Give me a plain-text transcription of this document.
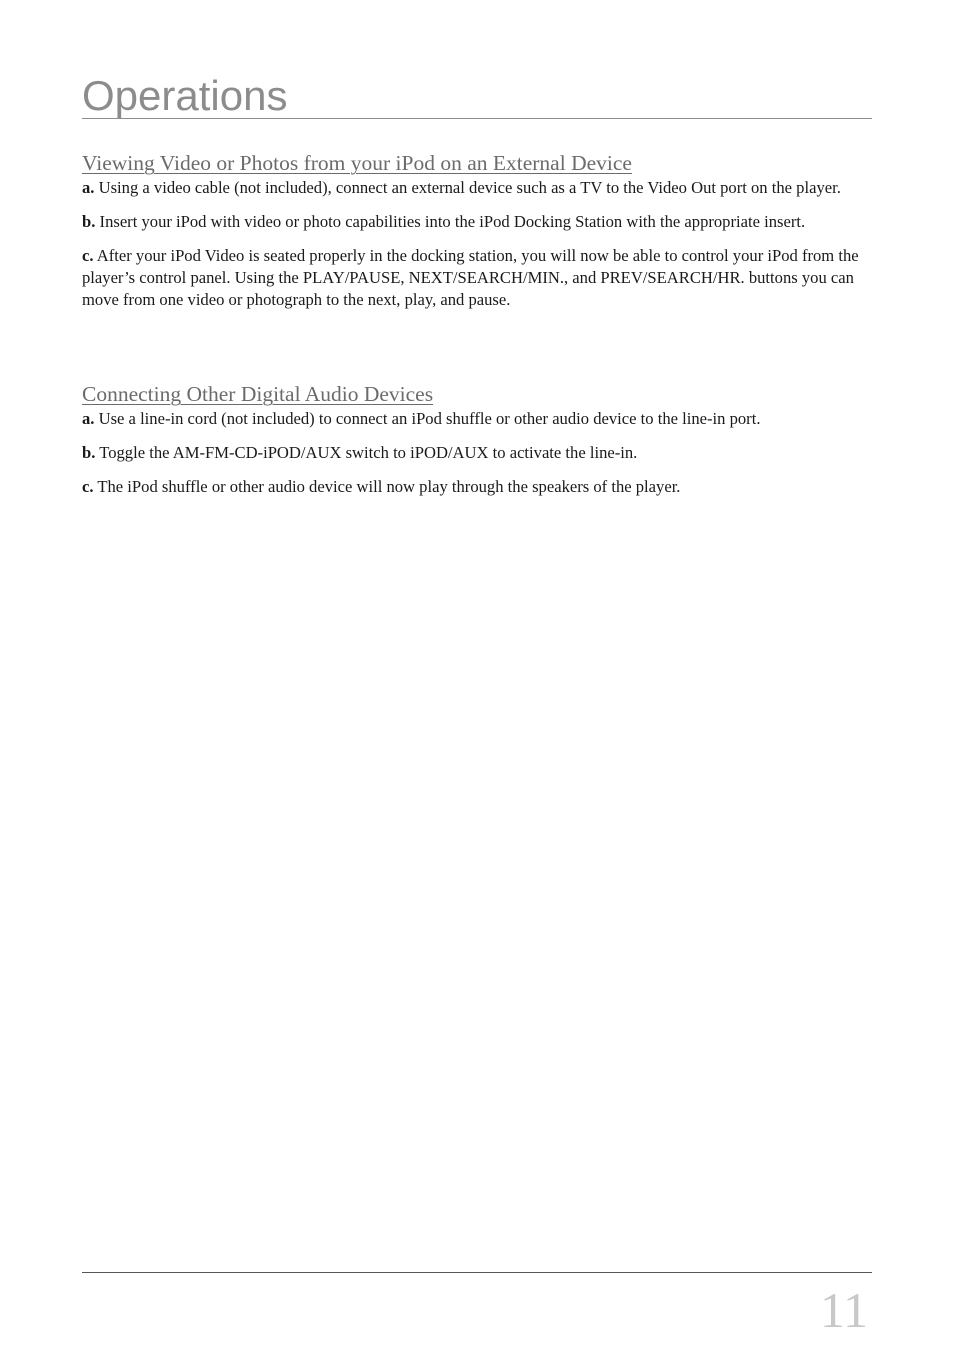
Operations
Viewing Video or Photos from your iPod on an External Device

a. Using a video cable (not included), connect an external device such as a TV to the Video Out port on the player.

b. Insert your iPod with video or photo capabilities into the iPod Docking Station with the appropriate insert.

c. After your iPod Video is seated properly in the docking station, you will now be able to control your iPod from the player’s control panel. Using the PLAY/PAUSE, NEXT/SEARCH/MIN., and PREV/SEARCH/HR. buttons you can move from one video or photograph to the next, play, and pause.

Connecting Other Digital Audio Devices

a. Use a line-in cord (not included) to connect an iPod shuffle or other audio device to the line-in port.

b. Toggle the AM-FM-CD-iPOD/AUX switch to iPOD/AUX to activate the line-in.

c. The iPod shuffle or other audio device will now play through the speakers of the player.

11
